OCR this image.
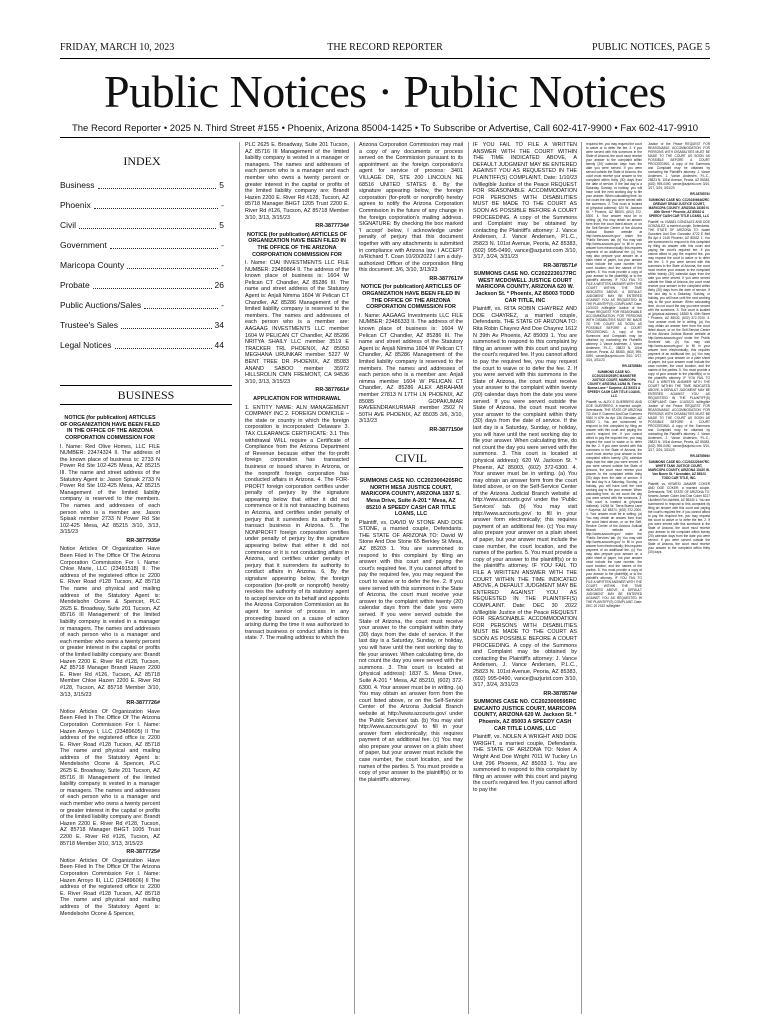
FRIDAY, MARCH 10, 2023	THE RECORD REPORTER	PUBLIC NOTICES, PAGE 5
Public Notices · Public Notices
The Record Reporter • 2025 N. Third Street #155 • Phoenix, Arizona 85004-1425 • To Subscribe or Advertise, Call 602-417-9900 • Fax 602-417-9910
INDEX
Business	5
Phoenix	-
Civil	5
Government	-
Maricopa County	-
Probate	26
Public Auctions/Sales	-
Trustee's Sales	34
Legal Notices	44
BUSINESS

NOTICE (for publication) ARTICLES OF ORGANIZATION HAVE BEEN FILED IN THE OFFICE OF THE ARIZONA CORPORATION COMMISSION FOR

I. Name: Red Olive Homes, LLC FILE NUMBER: 23474324 II. The address of the known place of business is: 2733 N Power Rd Ste 102-425 Mesa, AZ 85215 III. The name and street address of the Statutory Agent is: Jason Spisak 2733 N Power Rd Ste 102-425 Mesa, AZ 85215 Management of the limited liability company is reserved to the members. The names and addresses of each person who is a member are: Jason Spisak member 2733 N Power Rd Ste 102-425 Mesa, AZ 85215 3/10, 3/13, 3/15/23

RR-3877935#

Notice Articles Of Organization Have Been Filed In The Office Of The Arizona Corporation Commission For I. Name: Chloe Marie, LLC (23491518) II. The address of the registered office is: 2200 E. River Road #128 Tucson, AZ 85718 The name and physical and mailing address of the Statutory Agent is: Mendelsohn Ocone & Spencer, PLC 2625 E. Broadway, Suite 201 Tucson, AZ 85716 III Management of the limited liability company is vested in a manager or managers. The names and addresses of each person who is a manager and each member who owns a twenty percent or greater interest in the capital or profits of the limited liability company are: Brandt Hazen 2200 E. River Rd #128, Tucson, AZ 85718 Manager Brandt Hazen 2200 E. River Rd #126, Tucson, AZ 85718 Member Chloe Hazen 2200 E. River Rd #128, Tucson, AZ 85718 Member 3/10, 3/13, 3/15/23

RR-3877726#

Notice Articles Of Organization Have Been Filed In The Office Of The Arizona Corporation Commission For I. Name: Hazen Arroyo I, LLC (23489605) II The address of the registered office is: 2200 E. River Road #128 Tucson, AZ 85718 The name and physical and mailing address of the Statutory Agent is: Mendelsohn Ocone & Spencer, PLC 2625 E. Broadway, Suite 201 Tucson, AZ 85716 III Management of the limited liability company is vested in a manager or managers. The names and addresses of each person who is a manager and each member who owns a twenty percent or greater interest in the capital or profits of the limited liability company are: Brandt Hazen 2200 E. River Rd #128, Tucson, AZ 85718 Manager BHGT 1005 Trust 2200 E. River Rd #126, Tucson, AZ 85718 Member 3/10, 3/13, 3/15/23

RR-3877725#

Notice Articles Of Organization Have Been Filed In The Office Of The Arizona Corporation Commission For I. Name: Hazen Arroyo III, LLC (23489606) II The address of the registered office is: 2200 E. River Road #128 Tucson, AZ 85718 The name and physical and mailing address of the Statutory Agent is: Mendelsohn Ocone & Spencer,

PLC 2625 E. Broadway, Suite 201 Tucson, AZ 85716 III Management of the limited liability company is vested in a manager or managers. The names and addresses of each person who is a manager and each member who owns a twenty percent or greater interest in the capital or profits of the limited liability company are: Brandt Hazen 2200 E. River Rd #128, Tucson, AZ 85718 Manager BHGT 1205 Trust 2200 E. River Rd #126, Tucson, AZ 85718 Member 3/10, 3/13, 3/15/23

RR-3877734#

NOTICE (for publication) ARTICLES OF ORGANIZATION HAVE BEEN FILED IN THE OFFICE OF THE ARIZONA CORPORATION COMMISSION FOR

I. Name: CIAI INVESTMENTS LLC FILE NUMBER: 23489864 II. The address of the known place of business is: 1604 W Pelican CT Chandler, AZ 85286 III. The name and street address of the Statutory Agent is: Anjali Nimma 1604 W Pelican CT Chandler, AZ 85286 Management of the limited liability company is reserved to the members. The names and addresses of each person who is a member are: AAGAAG INVESTMENTS LLC member 1604 W PELICAN CT Chandler, AZ 85286 NRITYA SHAILY LLC member 3519 E TRACKER TRL PHOENIX, AZ 85050 MEGHANA URUNKAR member 5227 W BENT TREE DR PHOENIX, AZ 85083 ANAND SABOO member 35972 HILLSROLIN CMN FREMONT, CA 94536 3/10, 3/13, 3/15/23

RR-3877661#

APPLICATION FOR WITHDRAWAL

1. ENTITY NAME: ALN MANAGEMENT COMPANY INC 2. FOREIGN DOMICILE – the state or country in which the foreign corporation is incorporated: Delaware 3. TAX CLEARANCE CERTIFICATE: 3.1 This withdrawal WILL require a Certificate of Compliance from the Arizona Department of Revenue because either the for-profit foreign corporation has transacted business or issued shares in Arizona, or the nonprofit foreign corporation has conducted affairs in Arizona. 4. The FOR-PROFIT foreign corporation certifies under penalty of perjury by the signature appearing below that either it did not commence or it is not transacting business in Arizona, and certifies under penalty of perjury that it surrenders its authority to transact business in Arizona. 5. The NONPROFIT foreign corporation certifies under penalty of perjury by the signature appearing below that either it did not commence or it is not conducting affairs in Arizona, and certifies under penalty of perjury that it surrenders its authority to conduct affairs in Arizona. 6. By the signature appearing below, the foreign corporation (for-profit or nonprofit) hereby revokes the authority of its statutory agent to accept service on its behalf and appoints the Arizona Corporation Commission as its agent for service of process in any proceeding based on a cause of action arising during the time it was authorized to transact business or conduct affairs in this state. 7. The mailing address to which the

Arizona Corporation Commission may mail a copy of any documents or process served on the Commission pursuant to its appointment as the foreign corporation's agent for service of process: 3401 VILLAGE DR, STE 200 LINCOLN NE 68516 UNITED STATES 8. By the signature appearing below, the foreign corporation (for-profit or nonprofit) hereby agrees to notify the Arizona Corporation Commission in the future of any change in the foreign corporation's mailing address. SIGNATURE: By checking the box marked 'I accept' below, I acknowledge under penalty of perjury that this document together with any attachments is submitted in compliance with Arizona law. I ACCEPT /s/Richard T. Coan 10/20/2022 I am a duly-authorized Officer of the corporation filing this document. 3/6, 3/10, 3/13/23

RR-3877617#

NOTICE (for publication) ARTICLES OF ORGANIZATION HAVE BEEN FILED IN THE OFFICE OF THE ARIZONA CORPORATION COMMISSION FOR

I. Name: AAGAAG Investments LLC FILE NUMBER: 23486333 II. The address of the known place of business is: 1604 W Pelican CT Chandler, AZ 85286 III. The name and street address of the Statutory Agent is: Anjali Nimma 1604 W Pelican CT Chandler, AZ 85286 Management of the limited liability company is reserved to the members. The names and addresses of each person who is a member are: Anjali nimma member 1604 W PELICAN CT Chandler, AZ 85286 ALEX ABRAHAM member 27813 N 17TH LN PHOENIX, AZ 85085 GOPAKUMAR RAVEENDRAKURMAR member 2502 N 50TH AVE PHOENIX, AZ 85035 3/6, 3/10, 3/13/23

RR-3877150#

CIVIL

SUMMONS CASE NO. CC2023004205RC NORTH MESA JUSTICE COURT, MARICOPA COUNTY, ARIZONA 1837 S. Mesa Drive, Suite A-201 * Mesa, AZ 85210 A SPEEDY CASH CAR TITLE LOANS, LLC

Plaintiff, vs. DAVID W STONE AND DOE STONE, a married couple, Defendants. THE STATE OF ARIZONA TO: David W Stone And Doe Stone 65 Berkley St Mesa, AZ 85203 1. You are summoned to respond to this complaint by filing an answer with this court and paying the court's required fee. If you cannot afford to pay the required fee, you may request the court to waive or to defer the fee. 2. If you were served with this summons in the State of Arizona, the court must receive your answer to the complaint within twenty (20) calendar days from the date you were served. If you were served outside the State of Arizona, the court must receive your answer to the complaint within thirty (30) days from the date of service. If the last day is a Saturday, Sunday, or holiday, you will have until the next working day to file your answer. When calculating time, do not count the day you were served with the summons. 3. This court is located at (physical address): 1837 S. Mesa Drive, Suite A-201 * Mesa, AZ 85210, (602) 372-6300. 4. Your answer must be in writing. (a) You may obtain an answer form from the court listed above, or on the Self-Service Center of the Arizona Judicial Branch website at http://www.azcourts.gov/ under the 'Public Services' tab. (b) You may visit http://www.azcourts.gov/ to fill in your answer form electronically; this requires payment of an additional fee. (c) You may also prepare your answer on a plain sheet of paper, but your answer must include the case number, the court location, and the names of the parties. 5. You must provide a copy of your answer to the plaintiff(s) or to the plaintiff's attorney.

IF YOU FAIL TO FILE A WRITTEN ANSWER WITH THE COURT WITHIN THE TIME INDICATED ABOVE, A DEFAULT JUDGMENT MAY BE ENTERED AGAINST YOU AS REQUESTED IN THE PLAINTIFF(S) COMPLAINT. Date: 1/10/23 /s/illegible Justice of the Peace REQUEST FOR REASONABLE ACCOMMODATION FOR PERSONS WITH DISABILITIES MUST BE MADE TO THE COURT AS SOON AS POSSIBLE BEFORE A COURT PROCEEDING. A copy of the Summons and Complaint may be obtained by contacting the Plaintiff's attorney: J. Vance Andersen, J. Vance Andersen, P.L.C., 25823 N. 101st Avenue, Peoria, AZ 85383, (602) 995-0490, vance@azjurist.com 3/10, 3/17, 3/24, 3/31/23

RR-3878571#

SUMMONS CASE NO. CC2022230177RC WEST MCDOWELL JUSTICE COURT MARICOPA COUNTY, ARIZONA 620 W. Jackson St. * Phoenix, AZ 85003 TODD CAR TITLE, INC

Plaintiff, vs. RITA ROBIN CHAYREZ AND DOE CHAYREZ, a married couple, Defendants. THE STATE OF ARIZONA TO: Rita Robin Chayrez And Doe Chayrez 1612 N 39th Av Phoenix, AZ 85009 1. You are summoned to respond to this complaint by filing an answer with this court and paying the court's required fee. If you cannot afford to pay the required fee, you may request the court to waive or to defer the fee. 2. If you were served with this summons in the State of Arizona, the court must receive your answer to the complaint within twenty (20) calendar days from the date you were served. If you were served outside the State of Arizona, the court must receive your answer to the complaint within thirty (30) days from the date of service. If the last day is a Saturday, Sunday, or holiday, you will have until the next working day to file your answer. When calculating time, do not count the day you were served with the summons. 3. This court is located at (physical address): 620 W. Jackson St. * Phoenix, AZ 85003, (602) 372-6300. 4. Your answer must be in writing. (a) You may obtain an answer form from the court listed above, or on the Self-Service Center of the Arizona Judicial Branch website at http://www.azcourts.gov/ under the 'Public Services' tab. (b) You may visit http://www.azcourts.gov/ to fill in your answer form electronically; this requires payment of an additional fee. (c) You may also prepare your answer on a plain sheet of paper, but your answer must include the case number, the court location, and the names of the parties. 5. You must provide a copy of your answer to the plaintiff(s) or to the plaintiff's attorney. IF YOU FAIL TO FILE A WRITTEN ANSWER WITH THE COURT WITHIN THE TIME INDICATED ABOVE, A DEFAULT JUDGMENT MAY BE ENTERED AGAINST YOU AS REQUESTED IN THE PLAINTIFF(S) COMPLAINT. Date: DEC 30 2022 /s/illegible Justice of the Peace REQUEST FOR REASONABLE ACCOMMODATION FOR PERSONS WITH DISABILITIES MUST BE MADE TO THE COURT AS SOON AS POSSIBLE BEFORE A COURT PROCEEDING. A copy of the Summons and Complaint may be obtained by contacting the Plaintiff's attorney: J. Vance Andersen, J. Vance Andersen, P.L.C., 25823 N. 101st Avenue, Peoria, AZ 85383, (602) 995-0490, vance@azjurist.com 3/10, 3/17, 3/24, 3/31/23

RR-3878574#

SUMMONS CASE NO. CC2023000595RC ENCANTO JUSTICE COURT, MARICOPA COUNTY, ARIZONA 620 W. Jackson St. * Phoenix, AZ 85003 A SPEEDY CASH CAR TITLE LOANS, LLC

Plaintiff, vs. NOLEN A WRIGHT AND DOE WRIGHT, a married couple, Defendants. THE STATE OF ARIZONA TO: Nolen A Wright And Doe Wright 7011 W Tuckey Ln Unit 296 Phoenix, AZ 85033 1. You are summoned to respond to this complaint by filing an answer with this court and paying the court's required fee. If you cannot afford to pay the

required fee, you may request the court to waive or to defer the fee. 2. If you were served with this summons in the State of Arizona, the court must receive your answer to the complaint within twenty (20) calendar days from the date you were served. If you were served outside the State of Arizona, the court must receive your answer to the complaint within thirty (30) days from the date of service. If the last day is a Saturday, Sunday, or holiday, you will have until the next working day to file your answer. When calculating time, do not count the day you were served with the summons. 3. This court is located at (physical address): 620 W. Jackson St. * Phoenix, AZ 85003, (602) 372-6300. 4. Your answer must be in writing. (a) You may obtain an answer form from the court listed above, or on the Self-Service Center of the Arizona Judicial Branch website at http://www.azcourts.gov/ under the 'Public Services' tab. (b) You may visit http://www.azcourts.gov/ to fill in your answer form electronically; this requires payment of an additional fee. (c) You may also prepare your answer on a plain sheet of paper, but your answer must include the case number, the court location, and the names of the parties. 5. You must provide a copy of your answer to the plaintiff(s) or to the plaintiff's attorney. IF YOU FAIL TO FILE A WRITTEN ANSWER WITH THE COURT WITHIN THE TIME INDICATED ABOVE, A DEFAULT JUDGMENT MAY BE ENTERED AGAINST YOU AS REQUESTED IN THE PLAINTIFF(S) COMPLAINT. Date: 12/20/22 /s/illegible Justice of the Peace REQUEST FOR REASONABLE ACCOMMODATION FOR PERSONS WITH DISABILITIES MUST BE MADE TO THE COURT AS SOON AS POSSIBLE BEFORE A COURT PROCEEDING. A copy of the Summons and Complaint may be obtained by contacting the Plaintiff's attorney: J. Vance Andersen, J. Vance Andersen, P.L.C., 25823 N. 101st Avenue, Peoria, AZ 85383, (602) 995-0490, vance@azjurist.com 3/10, 3/17, 3/24, 3/31/23

RR-3878568#

SUMMONS CASE NO. CC2022230251RC MANISTEE JUSTICE COURT, MARICOPA COUNTY, ARIZONA 14264 W. Tierra Buena Lane * Surprise, AZ 85374 A SPEEDY CASH CAR TITLE LOANS, LLC

Plaintiff, vs. ALEX E GUERRERO AND DOE GUERRERO, a married couple, Defendants. THE STATE OF ARIZONA TO: Alex E Guerrero And Doe Guerrero 9360 N 67th Av Apt 136 Glendale, AZ 85302 1. You are summoned to respond to this complaint by filing an answer with this court and paying the court's required fee. If you cannot afford to pay the required fee, you may request the court to waive or to defer the fee. 2. If you were served with this summons in the State of Arizona, the court must receive your answer to the complaint within twenty (20) calendar days from the date you were served. If you were served outside the State of Arizona, the court must receive your answer to the complaint within thirty (30) days from the date of service. If the last day is a Saturday, Sunday, or holiday, you will have until the next working day to file your answer. When calculating time, do not count the day you were served with the summons. 3. This court is located at (physical address): 14264 W. Tierra Buena Lane * Surprise, AZ 85374, (602) 372-2000. 4. Your answer must be in writing. (a) You may obtain an answer form from the court listed above, or on the Self-Service Center of the Arizona Judicial Branch website at http://www.azcourts.gov/ under the 'Public Services' tab. (b) You may visit http://www.azcourts.gov/ to fill in your answer form electronically; this requires payment of an additional fee. (c) You may also prepare your answer on a plain sheet of paper, but your answer must include the case number, the court location, and the names of the parties. 5. You must provide a copy of your answer to the plaintiff(s) or to the plaintiff's attorney. IF YOU FAIL TO FILE A WRITTEN ANSWER WITH THE COURT WITHIN THE TIME INDICATED ABOVE, A DEFAULT JUDGMENT MAY BE ENTERED AGAINST YOU AS REQUESTED IN THE PLAINTIFF(S) COMPLAINT. Date: DEC 20 2022 /s/illegible

Justice of the Peace REQUEST FOR REASONABLE ACCOMMODATION FOR PERSONS WITH DISABILITIES MUST BE MADE TO THE COURT AS SOON AS POSSIBLE BEFORE A COURT PROCEEDING. A copy of the Summons and Complaint may be obtained by contacting the Plaintiff's attorney: J. Vance Andersen, J. Vance Andersen, P.L.C., 25823 N. 101st Avenue, Peoria, AZ 85383, (602) 995-0490, vance@azjurist.com 3/10, 3/17, 3/24, 3/31/23

RR-3878576#

SUMMONS CASE NO. CC2023066462RC DREAMY DRAW JUSTICE COURT, MARICOPA COUNTY, ARIZONA 18380 N. 40th Street * Phoenix, AZ 85032 A SPEEDY CASH CAR TITLE LOANS, LLC

Plaintiff, vs. ISABEL GONZALEZ AND DOE GONZALEZ, a married couple, Defendants. THE STATE OF ARIZONA TO: Isabel Gonzalez And Doe Gonzalez 4722 E Bell Rd Apt # 2145 Phoenix, AZ 85032 1. You are summoned to respond to this complaint by filing an answer with this court and paying the court's required fee. If you cannot afford to pay the required fee, you may request the court to waive or to defer the fee. 2. If you were served with this summons in the State of Arizona, the court must receive your answer to the complaint within twenty (20) calendar days from the date you were served. If you were served outside the State of Arizona, the court must receive your answer to the complaint within thirty (30) days from the date of service. If the last day is a Saturday, Sunday, or holiday, you will have until the next working day to file your answer. When calculating time, do not count the day you were served with the summons. 3. This court is located at (physical address): 18380 N. 40th Street * Phoenix, AZ 85032, (602) 372-7000. 4. Your answer must be in writing. (a) You may obtain an answer form from the court listed above, or on the Self-Service Center of the Arizona Judicial Branch website at http://www.azcourts.gov/ under the 'Public Services' tab. (b) You may visit http://www.azcourts.gov/ to fill in your answer form electronically; this requires payment of an additional fee. (c) You may also prepare your answer on a plain sheet of paper, but your answer must include the case number, the court location, and the names of the parties. 5. You must provide a copy of your answer to the plaintiff(s) or to the plaintiff's attorney. IF YOU FAIL TO FILE A WRITTEN ANSWER WITH THE COURT WITHIN THE TIME INDICATED ABOVE, A DEFAULT JUDGMENT MAY BE ENTERED AGAINST YOU AS REQUESTED IN THE PLAINTIFF(S) COMPLAINT. Date: 1/10/2023 /s/illegible Justice of the Peace REQUEST FOR REASONABLE ACCOMMODATION FOR PERSONS WITH DISABILITIES MUST BE MADE TO THE COURT AS SOON AS POSSIBLE BEFORE A COURT PROCEEDING. A copy of the Summons and Complaint may be obtained by contacting the Plaintiff's attorney: J. Vance Andersen, J. Vance Andersen, P.L.C., 25823 N. 101st Avenue, Peoria, AZ 85383, (602) 995-0490, vance@azjurist.com 3/10, 3/17, 3/24, 3/31/23

RR-3878566#

SUMMONS CASE NO. CC2022229497RC WHITE TANK JUSTICE COURT, MARICOPA COUNTY, ARIZONA 10420 W. Van Buren St. * Avondale, AZ 85323 TODD CAR TITLE, INC.

Plaintiff, vs. KEWESI JAMARR COKER AND DOE COKER, a married couple, Defendants. THE STATE OF ARIZONA TO: Kewesi Jamarr Coker And Doe Coker 6227 Litchfield Rd Litchfield, AZ 85340 1. You are summoned to respond to this complaint by filing an answer with this court and paying the court's required fee. If you cannot afford to pay the required fee, you may request the court to waive or to defer the fee. 2. If you were served with this summons in the State of Arizona, the court must receive your answer to the complaint within twenty (20) calendar days from the date you were served. If you were served outside the State of Arizona, the court must receive your answer to the complaint within thirty (30) days
